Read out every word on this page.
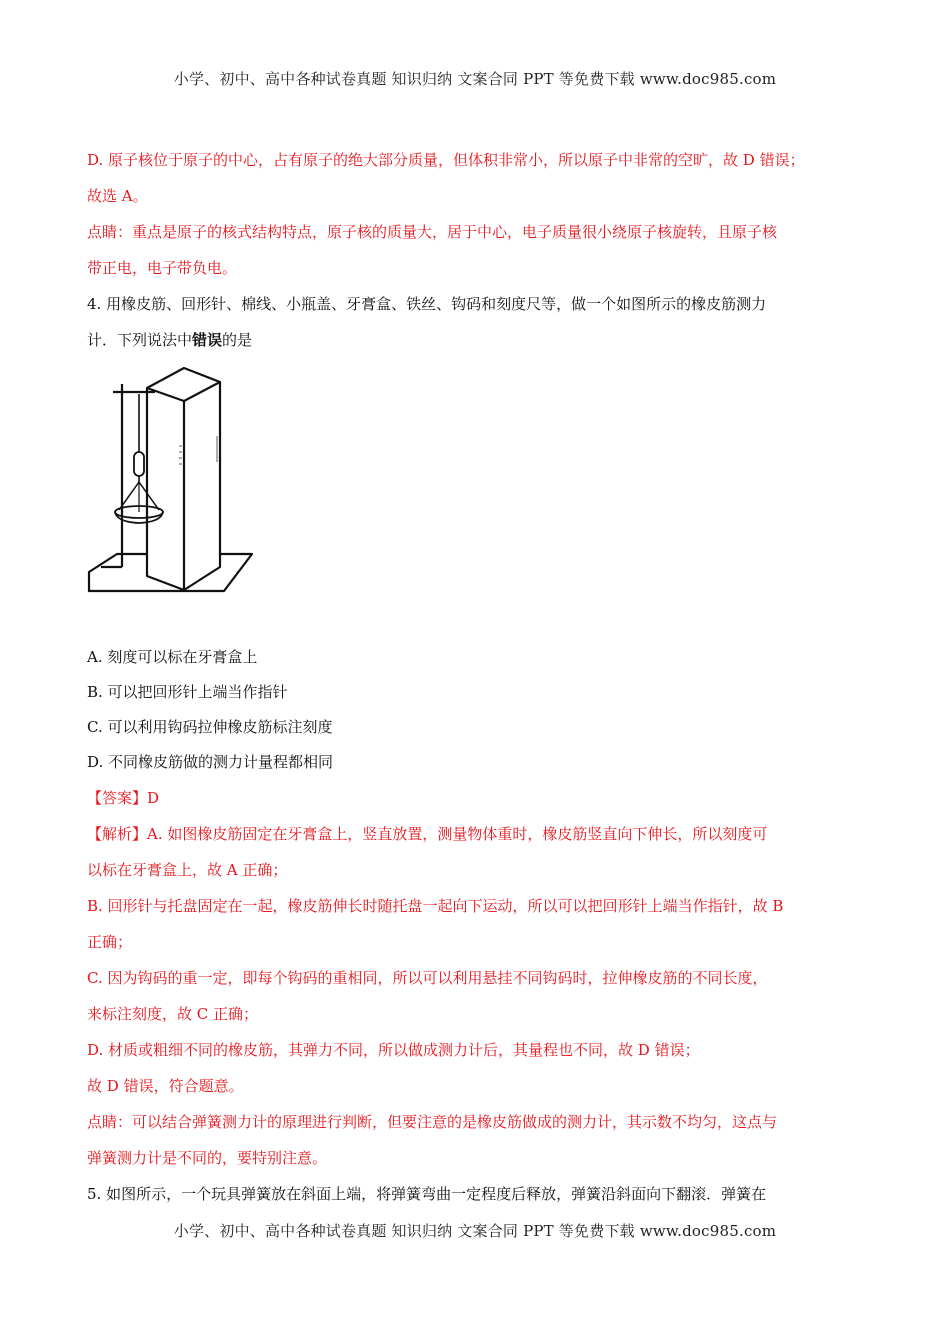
小学、初中、高中各种试卷真题 知识归纳 文案合同 PPT 等免费下载 www.doc985.com
D. 原子核位于原子的中心，占有原子的绝大部分质量，但体积非常小，所以原子中非常的空旷，故 D 错误；
故选 A。
点睛：重点是原子的核式结构特点，原子核的质量大，居于中心，电子质量很小绕原子核旋转，且原子核
带正电，电子带负电。
4. 用橡皮筋、回形针、棉线、小瓶盖、牙膏盒、铁丝、钩码和刻度尺等，做一个如图所示的橡皮筋测力
计．下列说法中错误的是
A. 刻度可以标在牙膏盒上
B. 可以把回形针上端当作指针
C. 可以利用钩码拉伸橡皮筋标注刻度
D. 不同橡皮筋做的测力计量程都相同
【答案】D
【解析】A. 如图橡皮筋固定在牙膏盒上，竖直放置，测量物体重时，橡皮筋竖直向下伸长，所以刻度可
以标在牙膏盒上，故 A 正确；
B. 回形针与托盘固定在一起，橡皮筋伸长时随托盘一起向下运动，所以可以把回形针上端当作指针，故 B
正确；
C. 因为钩码的重一定，即每个钩码的重相同，所以可以利用悬挂不同钩码时，拉伸橡皮筋的不同长度，
来标注刻度，故 C 正确；
D. 材质或粗细不同的橡皮筋，其弹力不同，所以做成测力计后，其量程也不同，故 D 错误；
故 D 错误，符合题意。
点睛：可以结合弹簧测力计的原理进行判断，但要注意的是橡皮筋做成的测力计，其示数不均匀，这点与
弹簧测力计是不同的，要特别注意。
5. 如图所示，一个玩具弹簧放在斜面上端，将弹簧弯曲一定程度后释放，弹簧沿斜面向下翻滚．弹簧在
小学、初中、高中各种试卷真题 知识归纳 文案合同 PPT 等免费下载 www.doc985.com
